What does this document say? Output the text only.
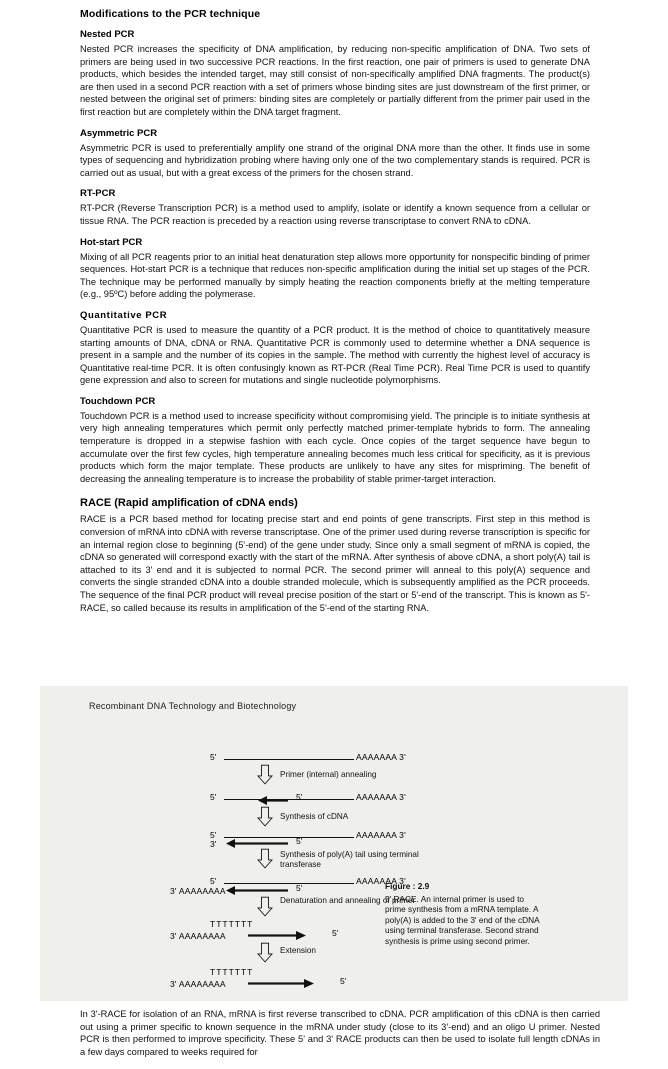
Modifications to the PCR technique
Nested PCR

Nested PCR increases the specificity of DNA amplification, by reducing non-specific amplification of DNA. Two sets of primers are being used in two successive PCR reactions. In the first reaction, one pair of primers is used to generate DNA products, which besides the intended target, may still consist of non-specifically amplified DNA fragments. The product(s) are then used in a second PCR reaction with a set of primers whose binding sites are just downstream of the first primer, or nested between the original set of primers: binding sites are completely or partially different from the primer pair used in the first reaction but are completely within the DNA target fragment.

Asymmetric PCR

Asymmetric PCR is used to preferentially amplify one strand of the original DNA more than the other. It finds use in some types of sequencing and hybridization probing where having only one of the two complementary stands is required. PCR is carried out as usual, but with a great excess of the primers for the chosen strand.

RT-PCR

RT-PCR (Reverse Transcription PCR) is a method used to amplify, isolate or identify a known sequence from a cellular or tissue RNA. The PCR reaction is preceded by a reaction using reverse transcriptase to convert RNA to cDNA.

Hot-start PCR

Mixing of all PCR reagents prior to an initial heat denaturation step allows more opportunity for nonspecific binding of primer sequences. Hot-start PCR is a technique that reduces non-specific amplification during the initial set up stages of the PCR. The technique may be performed manually by simply heating the reaction components briefly at the melting temperature (e.g., 95ºC) before adding the polymerase.

Quantitative PCR

Quantitative PCR is used to measure the quantity of a PCR product. It is the method of choice to quantitatively measure starting amounts of DNA, cDNA or RNA. Quantitative PCR is commonly used to determine whether a DNA sequence is present in a sample and the number of its copies in the sample. The method with currently the highest level of accuracy is Quantitative real-time PCR. It is often confusingly known as RT-PCR (Real Time PCR). Real Time PCR is used to quantify gene expression and also to screen for mutations and single nucleotide polymorphisms.

Touchdown PCR

Touchdown PCR is a method used to increase specificity without compromising yield. The principle is to initiate synthesis at very high annealing temperatures which permit only perfectly matched primer-template hybrids to form. The annealing temperature is dropped in a stepwise fashion with each cycle. Once copies of the target sequence have begun to accumulate over the first few cycles, high temperature annealing becomes much less critical for specificity, as it is previous products which form the major template. These products are unlikely to have any sites for mispriming. The benefit of decreasing the annealing temperature is to increase the probability of stable primer-target interaction.

RACE (Rapid amplification of cDNA ends)

RACE is a PCR based method for locating precise start and end points of gene transcripts. First step in this method is conversion of mRNA into cDNA with reverse transcriptase. One of the primer used during reverse transcription is specific for an internal region close to beginning (5'-end) of the gene under study. Since only a small segment of mRNA is copied, the cDNA so generated will correspond exactly with the start of the mRNA. After synthesis of above cDNA, a short poly(A) tail is attached to its 3' end and it is subjected to normal PCR. The second primer will anneal to this poly(A) sequence and converts the single stranded cDNA into a double stranded molecule, which is subsequently amplified as the PCR proceeds. The sequence of the final PCR product will reveal precise position of the start or 5'-end of the transcript. This is known as 5'-RACE, so called because its results in amplification of the 5'-end of the starting RNA.

Recombinant DNA Technology and Biotechnology
5'	AAAAAAA 3'
Primer (internal) annealing
5'	AAAAAAA 3'
5'
Synthesis of cDNA
5'
3'
AAAAAAA 3'
5'
Synthesis of poly(A) tail using terminal transferase
5'	AAAAAAA 3'
3' AAAAAAAA	5'
Denaturation and annealing of primer
TTTTTTT
3' AAAAAAAA	5'
Extension
TTTTTTT
3' AAAAAAAA	5'
Figure : 2.9
5' RACE. An internal primer is used to prime synthesis from a mRNA template. A poly(A) is added to the 3' end of the cDNA using terminal transferase. Second strand synthesis is prime using second primer.
In 3'-RACE for isolation of an RNA, mRNA is first reverse transcribed to cDNA. PCR amplification of this cDNA is then carried out using a primer specific to known sequence in the mRNA under study (close to its 3'-end) and an oligo U primer. Nested PCR is then performed to improve specificity. These 5' and 3' RACE products can then be used to isolate full length cDNAs in a few days compared to weeks required for
